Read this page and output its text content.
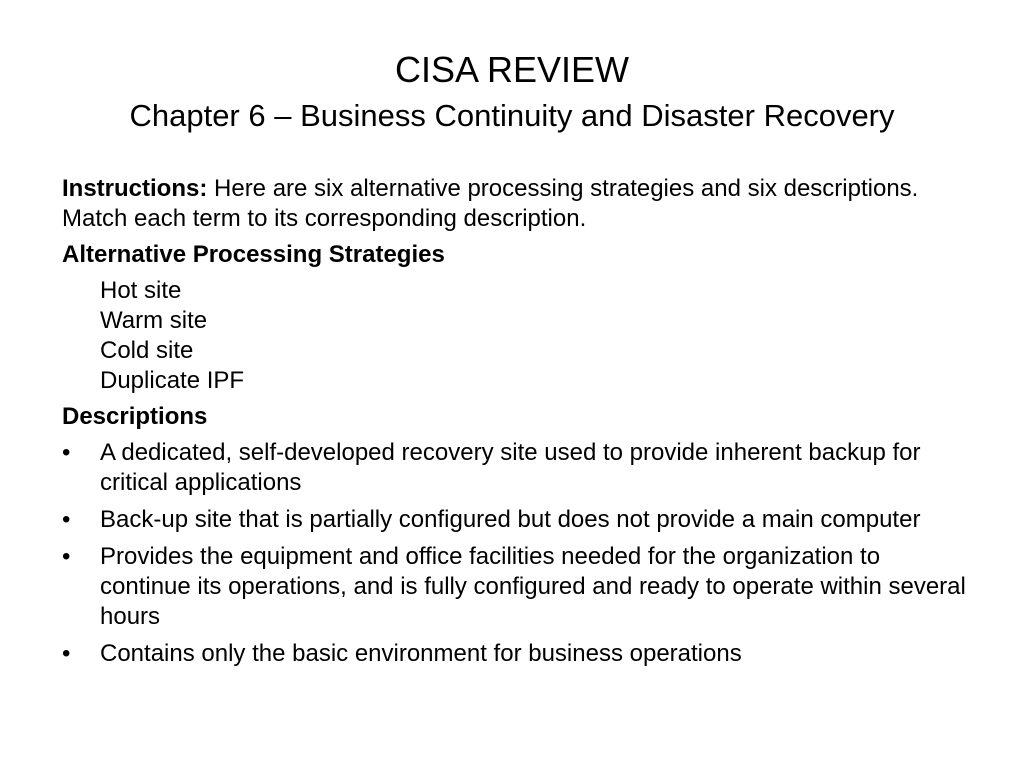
CISA REVIEW
Chapter 6 – Business Continuity and Disaster Recovery

Instructions: Here are six alternative processing strategies and six descriptions. Match each term to its corresponding description.

Alternative Processing Strategies
Hot site
Warm site
Cold site
Duplicate IPF
Descriptions
• A dedicated, self-developed recovery site used to provide inherent backup for critical applications
• Back-up site that is partially configured but does not provide a main computer
• Provides the equipment and office facilities needed for the organization to continue its operations, and is fully configured and ready to operate within several hours
• Contains only the basic environment for business operations
